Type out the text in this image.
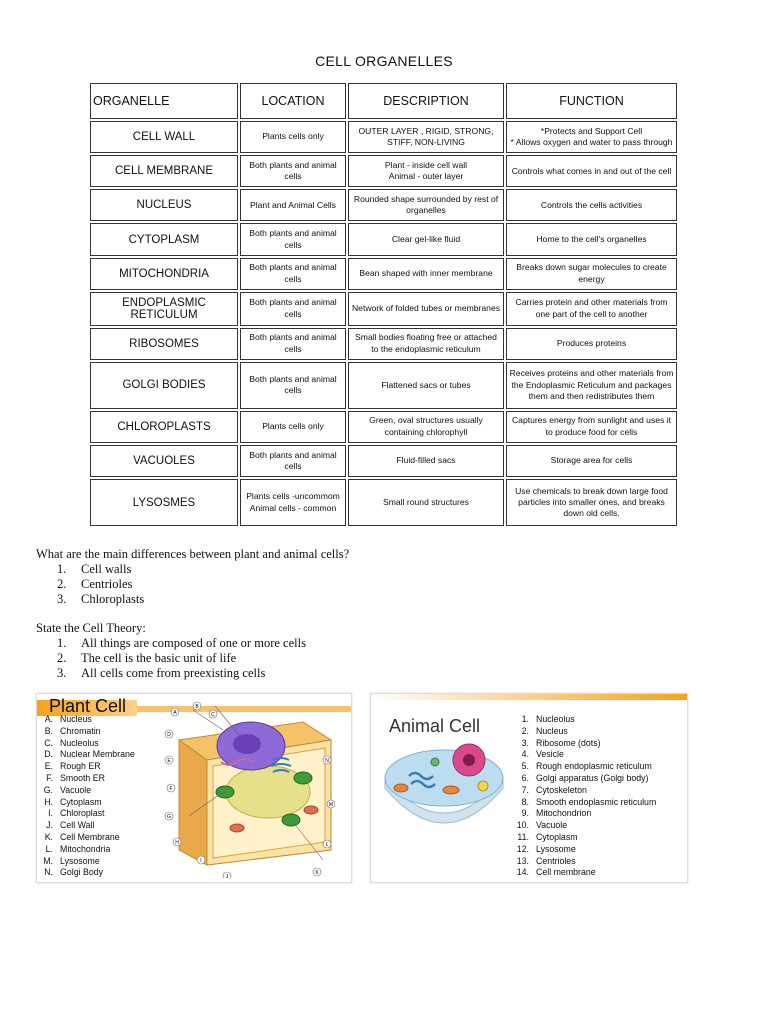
CELL ORGANELLES
ORGANELLE	LOCATION	DESCRIPTION	FUNCTION
CELL WALL	Plants cells only	OUTER LAYER , RIGID, STRONG, STIFF, NON-LIVING	*Protects and Support Cell
* Allows oxygen and water to pass through
CELL MEMBRANE	Both plants and animal cells	Plant - inside cell wall
Animal - outer layer	Controls what comes in and out of the cell
NUCLEUS	Plant and Animal Cells	Rounded shape surrounded by rest of organelles	Controls the cells activities
CYTOPLASM	Both plants and animal cells	Clear gel-like fluid	Home to the cell's organelles
MITOCHONDRIA	Both plants and animal cells	Bean shaped with inner membrane	Breaks down sugar molecules to create energy
ENDOPLASMIC RETICULUM	Both plants and animal cells	Network of folded tubes or membranes	Carries protein and other materials from one part of the cell to another
RIBOSOMES	Both plants and animal cells	Small bodies floating free or attached to the endoplasmic reticulum	Produces proteins
GOLGI BODIES	Both plants and animal cells	Flattened sacs or tubes	Receives proteins and other materials from the Endoplasmic Reticulum and packages them and then redistributes them
CHLOROPLASTS	Plants cells only	Green, oval structures usually containing chlorophyll	Captures energy from sunlight and uses it to produce food for cells
VACUOLES	Both plants and animal cells	Fluid-filled sacs	Storage area for cells
LYSOSMES	Plants cells -uncommom
Animal cells - common	Small round structures	Use chemicals to break down large food particles into smaller ones, and breaks down old cells.
What are the main differences between plant and animal cells?
1. Cell walls
2. Centrioles
3. Chloroplasts
State the Cell Theory:
1. All things are composed of one or more cells
2. The cell is the basic unit of life
3. All cells come from preexisting cells
Plant Cell
A. Nucleus
B. Chromatin
C. Nucleolus
D. Nuclear Membrane
E. Rough ER
F. Smooth ER
G. Vacuole
H. Cytoplasm
I. Chloroplast
J. Cell Wall
K. Cell Membrane
L. Mitochondria
M. Lysosome
N. Golgi Body
A
B
C
D
E
F
G
H
I
J
K
L
M
N
Animal Cell	1. Nucleolus
2. Nucleus
3. Ribosome (dots)
4. Vesicle
5. Rough endoplasmic reticulum
6. Golgi apparatus (Golgi body)
7. Cytoskeleton
8. Smooth endoplasmic reticulum
9. Mitochondrion
10. Vacuole
11. Cytoplasm
12. Lysosome
13. Centrioles
14. Cell membrane
